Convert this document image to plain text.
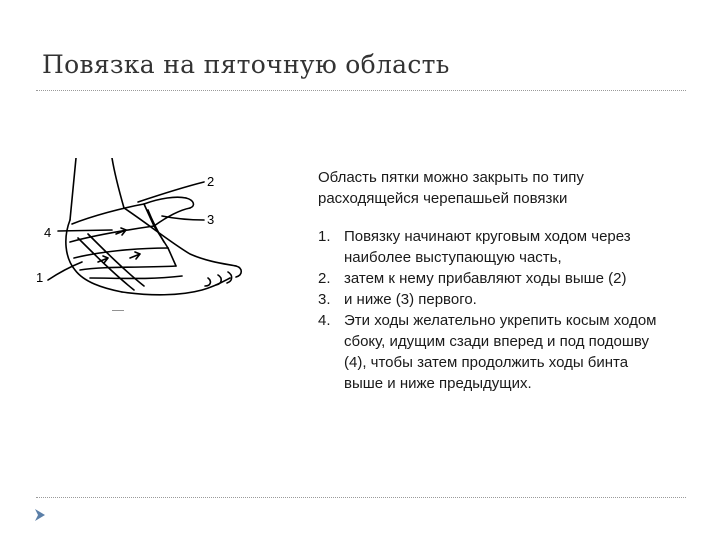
Повязка на пяточную область
1
2
3
4
——

Область пятки можно закрыть по типу расходящейся черепашьей повязки

1. Повязку начинают круговым ходом через наиболее выступающую часть,
2. затем к нему прибавляют ходы выше (2)
3. и ниже (3) первого.
4. Эти ходы желательно укрепить косым ходом сбоку, идущим сзади вперед и под подошву (4), чтобы затем продолжить ходы бинта выше и ниже предыдущих.
